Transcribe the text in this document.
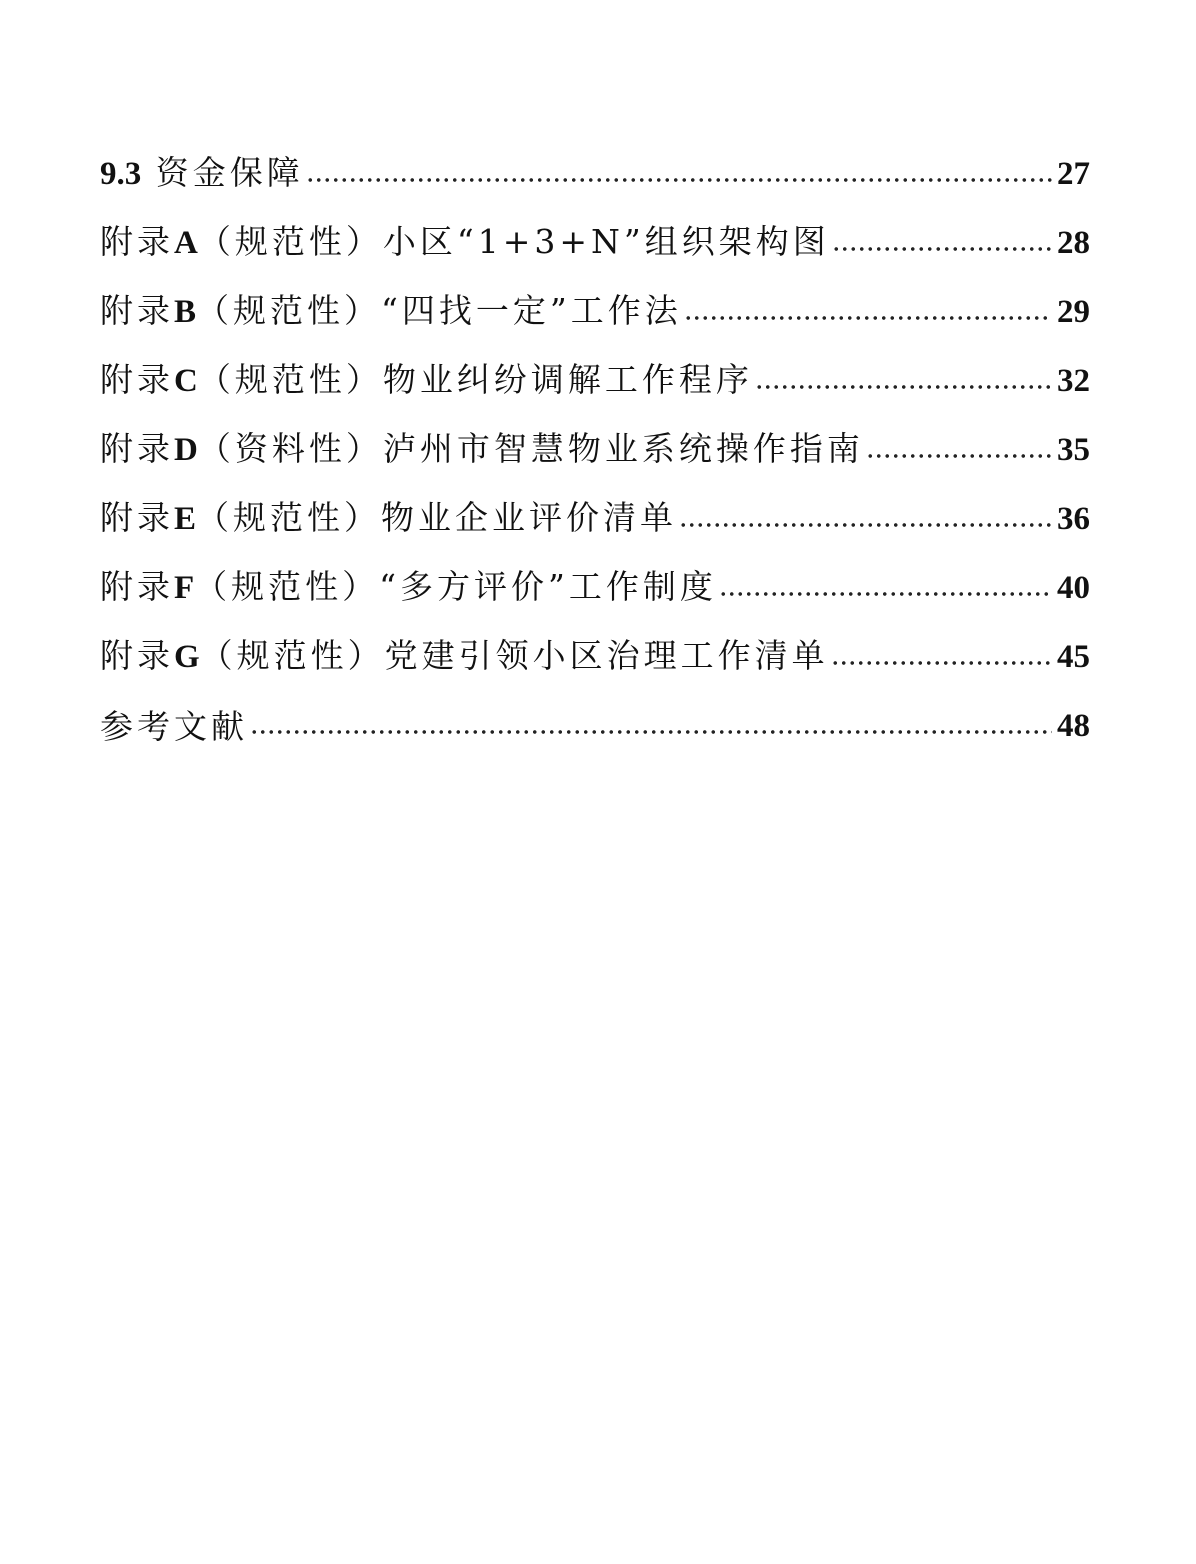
9.3 资金保障	27
附录A（规范性）小区“1+3+N”组织架构图	28
附录B（规范性）“四找一定”工作法	29
附录C（规范性）物业纠纷调解工作程序	32
附录D（资料性）泸州市智慧物业系统操作指南	35
附录E（规范性）物业企业评价清单	36
附录F（规范性）“多方评价”工作制度	40
附录G（规范性）党建引领小区治理工作清单	45
参考文献	48
